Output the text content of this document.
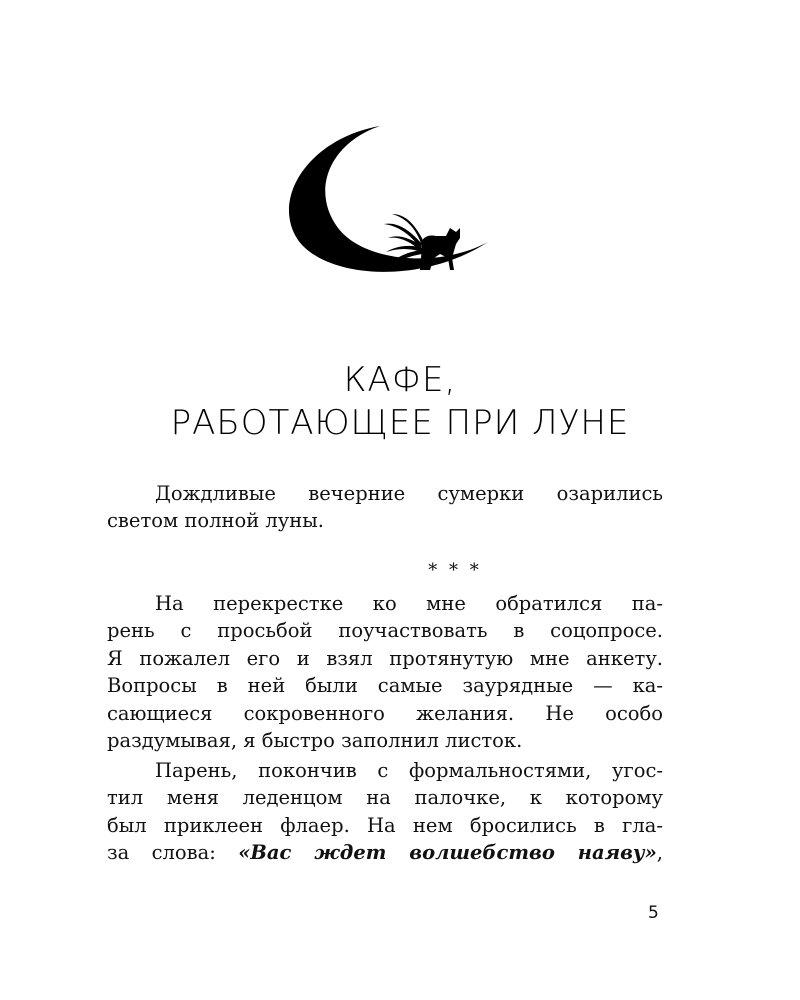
КАФЕ,
РАБОТАЮЩЕЕ ПРИ ЛУНЕ
Дождливые вечерние сумерки озарились
светом полной луны.
* * *
На перекрестке ко мне обратился па-
рень с просьбой поучаствовать в соцопросе.
Я пожалел его и взял протянутую мне анкету.
Вопросы в ней были самые заурядные — ка-
сающиеся сокровенного желания. Не особо
раздумывая, я быстро заполнил листок.
Парень, покончив с формальностями, угос-
тил меня леденцом на палочке, к которому
был приклеен флаер. На нем бросились в гла-
за слова: «Вас ждет волшебство наяву»,
5
